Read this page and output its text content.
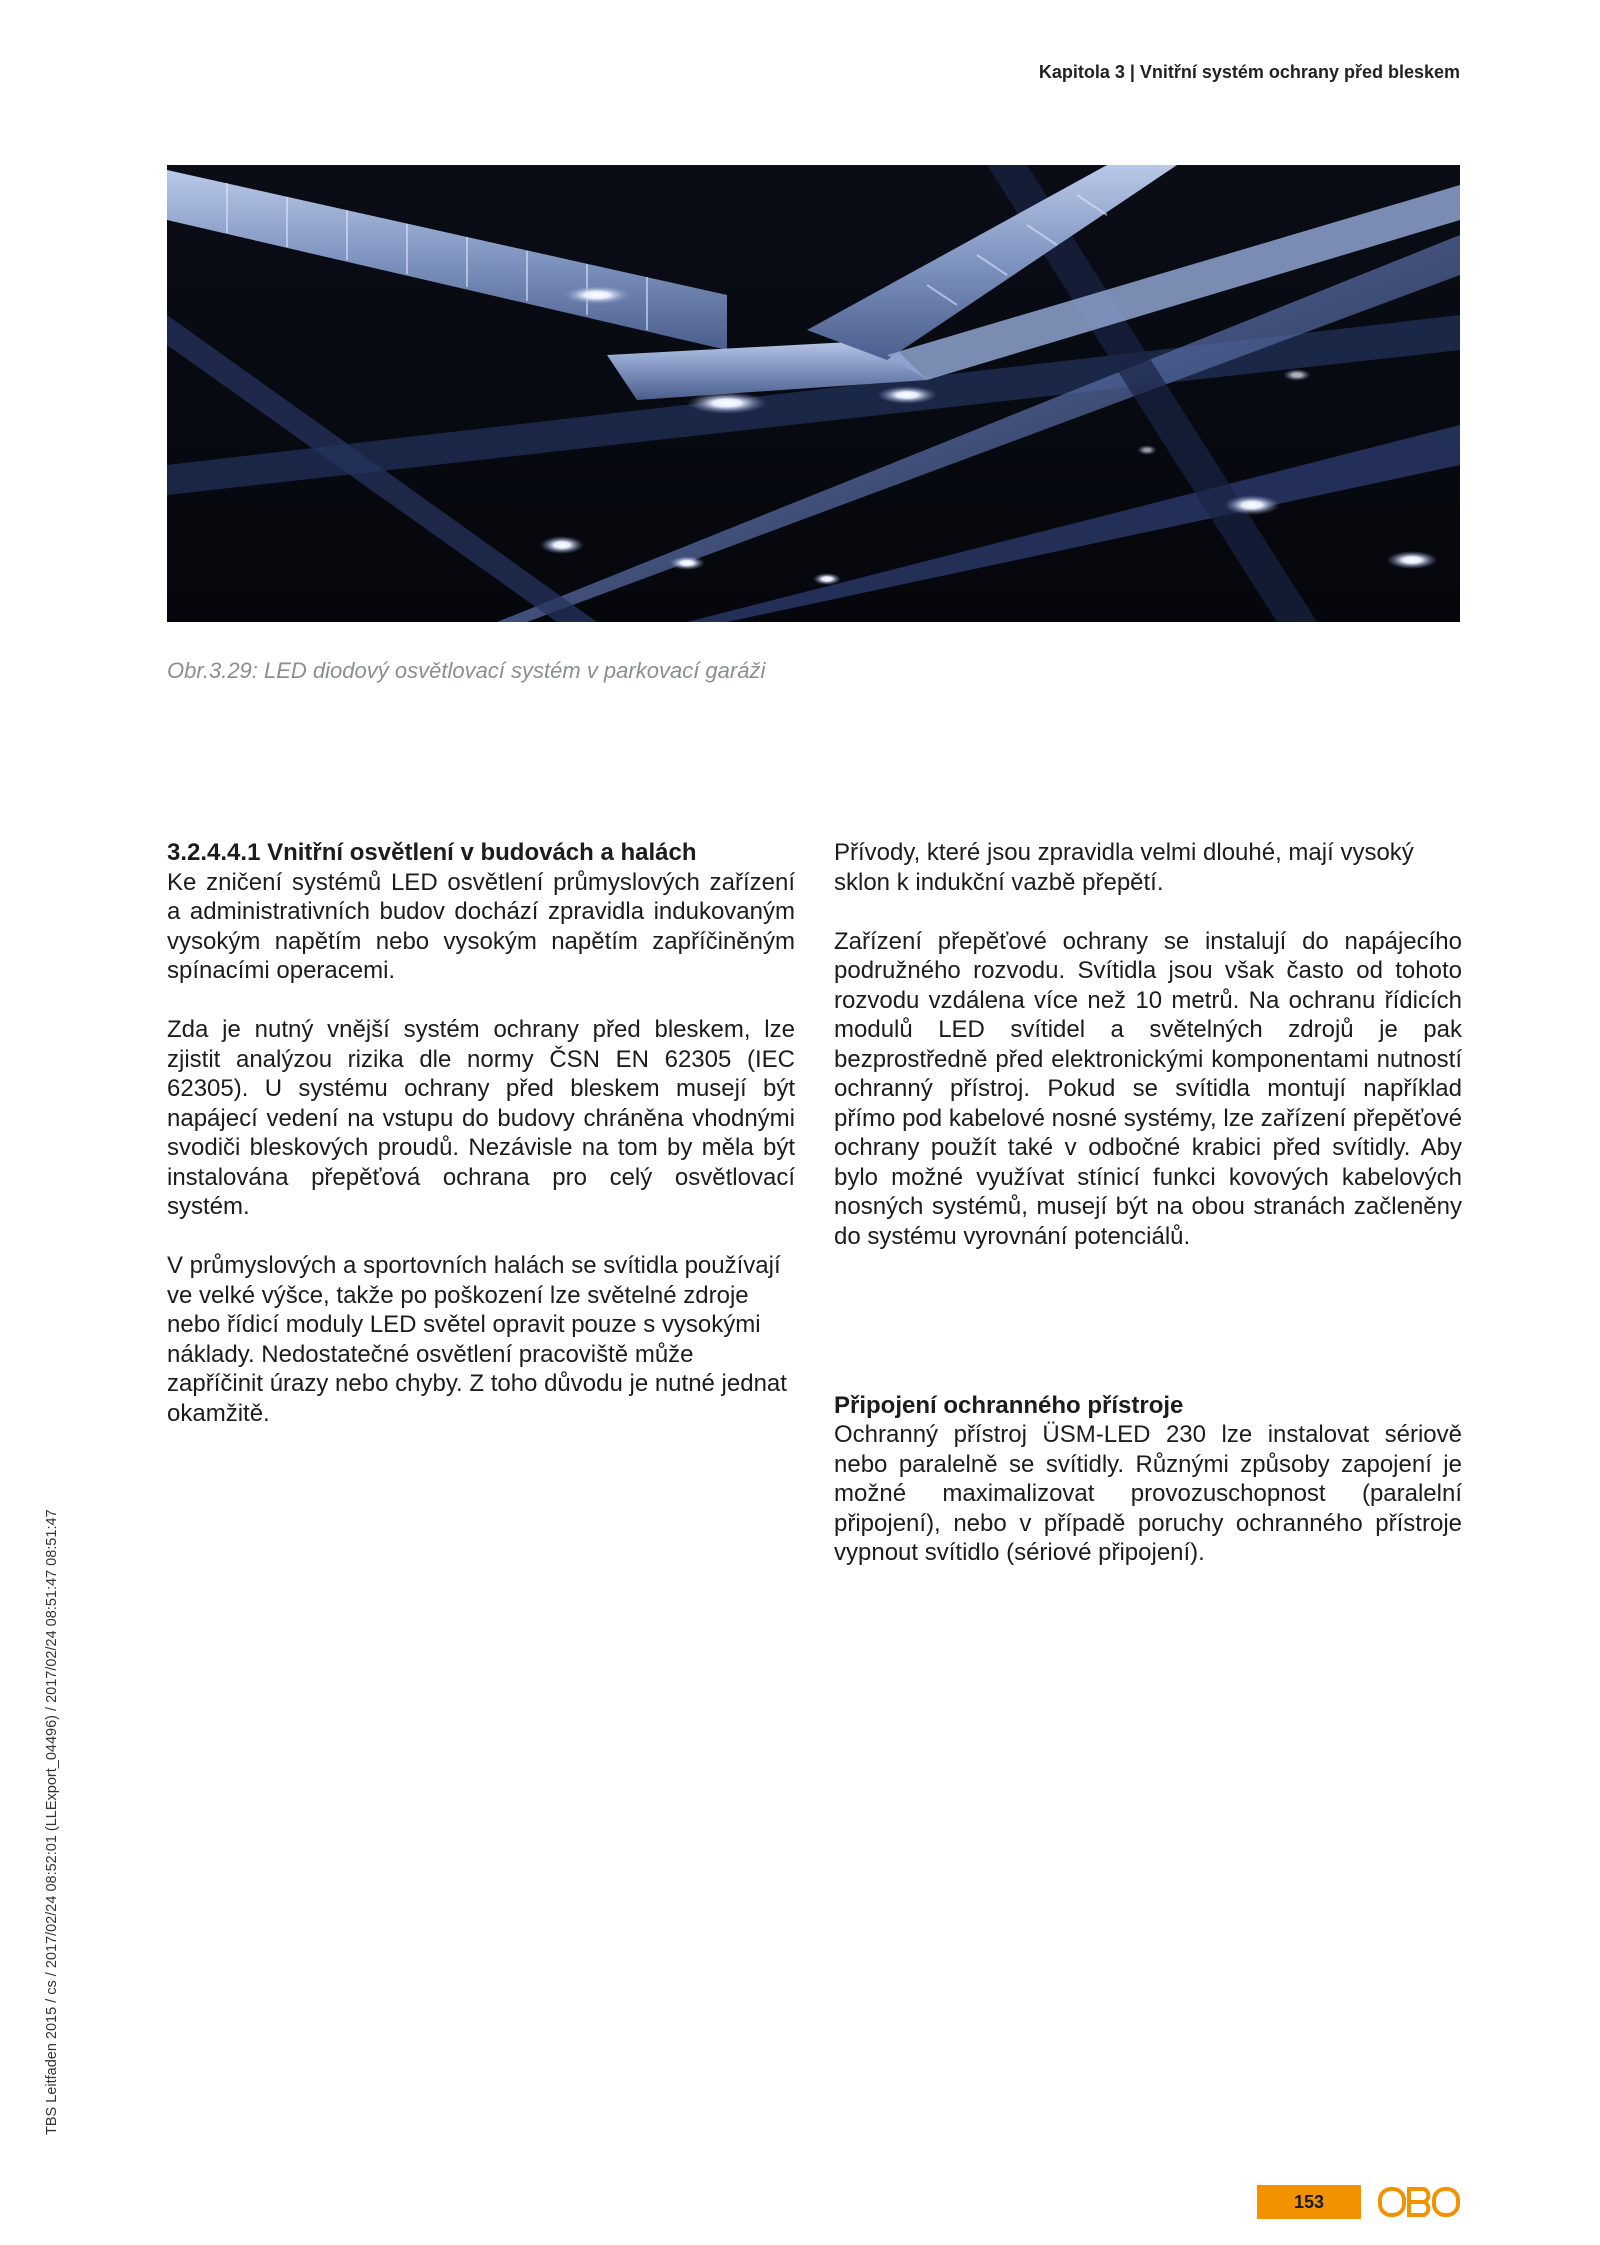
Kapitola 3 | Vnitřní systém ochrany před bleskem
Obr.3.29: LED diodový osvětlovací systém v parkovací garáži
3.2.4.4.1 Vnitřní osvětlení v budovách a halách

Ke zničení systémů LED osvětlení průmyslových zařízení a administrativních budov dochází zpravidla indukovaným vysokým napětím nebo vysokým napětím zapříčiněným spínacími operacemi.

Zda je nutný vnější systém ochrany před bleskem, lze zjistit analýzou rizika dle normy ČSN EN 62305 (IEC 62305). U systému ochrany před bleskem musejí být napájecí vedení na vstupu do budovy chráněna vhodnými svodiči bleskových proudů. Nezávisle na tom by měla být instalována přepěťová ochrana pro celý osvětlovací systém.

V průmyslových a sportovních halách se svítidla používají ve velké výšce, takže po poškození lze světelné zdroje nebo řídicí moduly LED světel opravit pouze s vysokými náklady. Nedostatečné osvětlení pracoviště může zapříčinit úrazy nebo chyby. Z toho důvodu je nutné jednat okamžitě.

Přívody, které jsou zpravidla velmi dlouhé, mají vysoký sklon k indukční vazbě přepětí.

Zařízení přepěťové ochrany se instalují do napájecího podružného rozvodu. Svítidla jsou však často od tohoto rozvodu vzdálena více než 10 metrů. Na ochranu řídicích modulů LED svítidel a světelných zdrojů je pak bezprostředně před elektronickými komponentami nutností ochranný přístroj. Pokud se svítidla montují například přímo pod kabelové nosné systémy, lze zařízení přepěťové ochrany použít také v odbočné krabici před svítidly. Aby bylo možné využívat stínicí funkci kovových kabelových nosných systémů, musejí být na obou stranách začleněny do systému vyrovnání potenciálů.

Připojení ochranného přístroje

Ochranný přístroj ÜSM-LED 230 lze instalovat sériově nebo paralelně se svítidly. Různými způsoby zapojení je možné maximalizovat provozuschopnost (paralelní připojení), nebo v případě poruchy ochranného přístroje vypnout svítidlo (sériové připojení).

TBS Leitfaden 2015 / cs / 2017/02/24 08:52:01 (LLExport_04496) / 2017/02/24 08:51:47 08:51:47
153
